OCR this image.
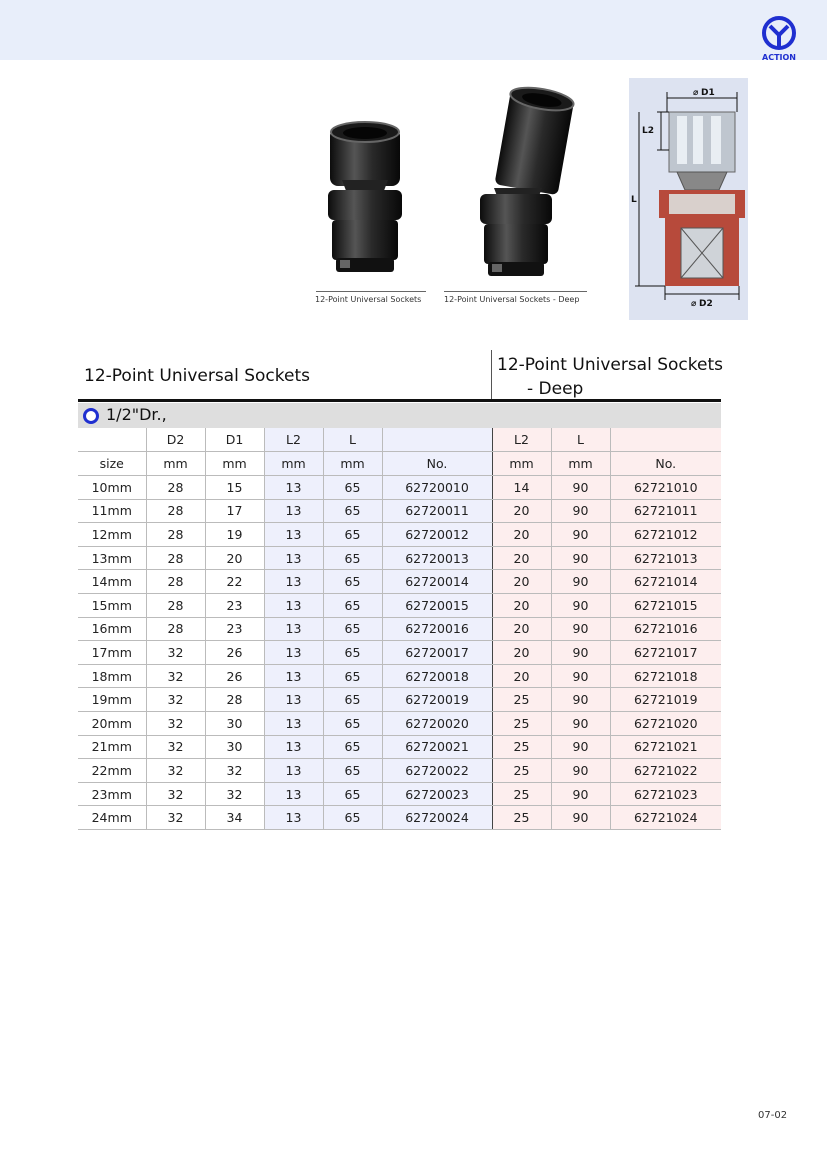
ACTION
12-Point Universal Sockets	12-Point Universal Sockets - Deep
⌀ D1
L2
L
⌀ D2
12-Point Universal Sockets
12-Point Universal Sockets
- Deep
1/2"Dr.,
	D2	D1	L2	L		L2	L	
size	mm	mm	mm	mm	No.	mm	mm	No.
10mm	28	15	13	65	62720010	14	90	62721010
11mm	28	17	13	65	62720011	20	90	62721011
12mm	28	19	13	65	62720012	20	90	62721012
13mm	28	20	13	65	62720013	20	90	62721013
14mm	28	22	13	65	62720014	20	90	62721014
15mm	28	23	13	65	62720015	20	90	62721015
16mm	28	23	13	65	62720016	20	90	62721016
17mm	32	26	13	65	62720017	20	90	62721017
18mm	32	26	13	65	62720018	20	90	62721018
19mm	32	28	13	65	62720019	25	90	62721019
20mm	32	30	13	65	62720020	25	90	62721020
21mm	32	30	13	65	62720021	25	90	62721021
22mm	32	32	13	65	62720022	25	90	62721022
23mm	32	32	13	65	62720023	25	90	62721023
24mm	32	34	13	65	62720024	25	90	62721024
07-02
